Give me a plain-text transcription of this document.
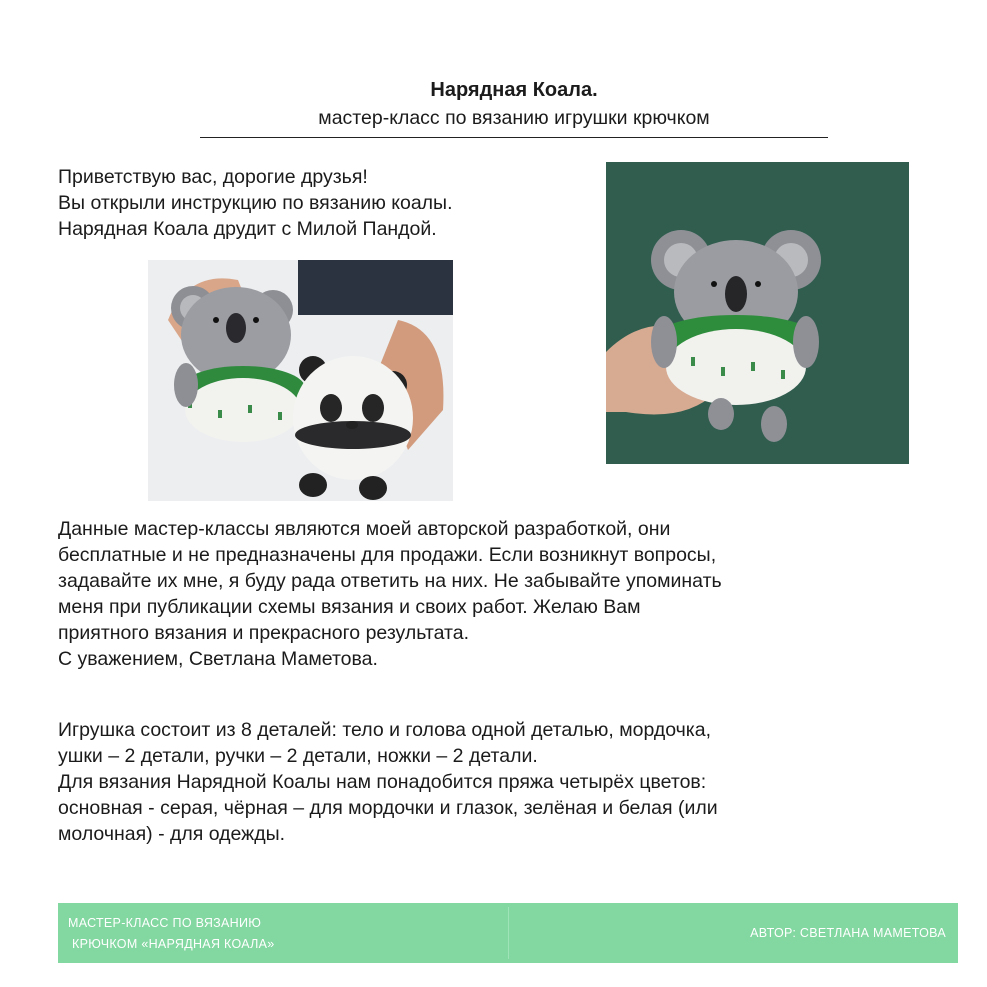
Нарядная Коала.
мастер-класс по вязанию игрушки крючком
Приветствую вас, дорогие друзья!
Вы открыли инструкцию по вязанию коалы.
Нарядная Коала друдит с Милой Пандой.
Данные мастер-классы являются моей авторской разработкой, они
бесплатные и не предназначены для продажи. Если возникнут вопросы,
задавайте их мне, я буду рада ответить на них. Не забывайте упоминать
меня при публикации схемы вязания и своих работ. Желаю Вам
приятного вязания и прекрасного результата.
С уважением, Светлана Маметова.
Игрушка состоит из 8 деталей: тело и голова одной деталью, мордочка,
ушки – 2 детали, ручки – 2 детали, ножки – 2 детали.
Для вязания Нарядной Коалы нам понадобится пряжа четырёх цветов:
основная - серая, чёрная – для мордочки и глазок, зелёная и белая (или
молочная) - для одежды.
МАСТЕР-КЛАСС ПО ВЯЗАНИЮ
КРЮЧКОМ «НАРЯДНАЯ КОАЛА»
АВТОР: СВЕТЛАНА МАМЕТОВА
